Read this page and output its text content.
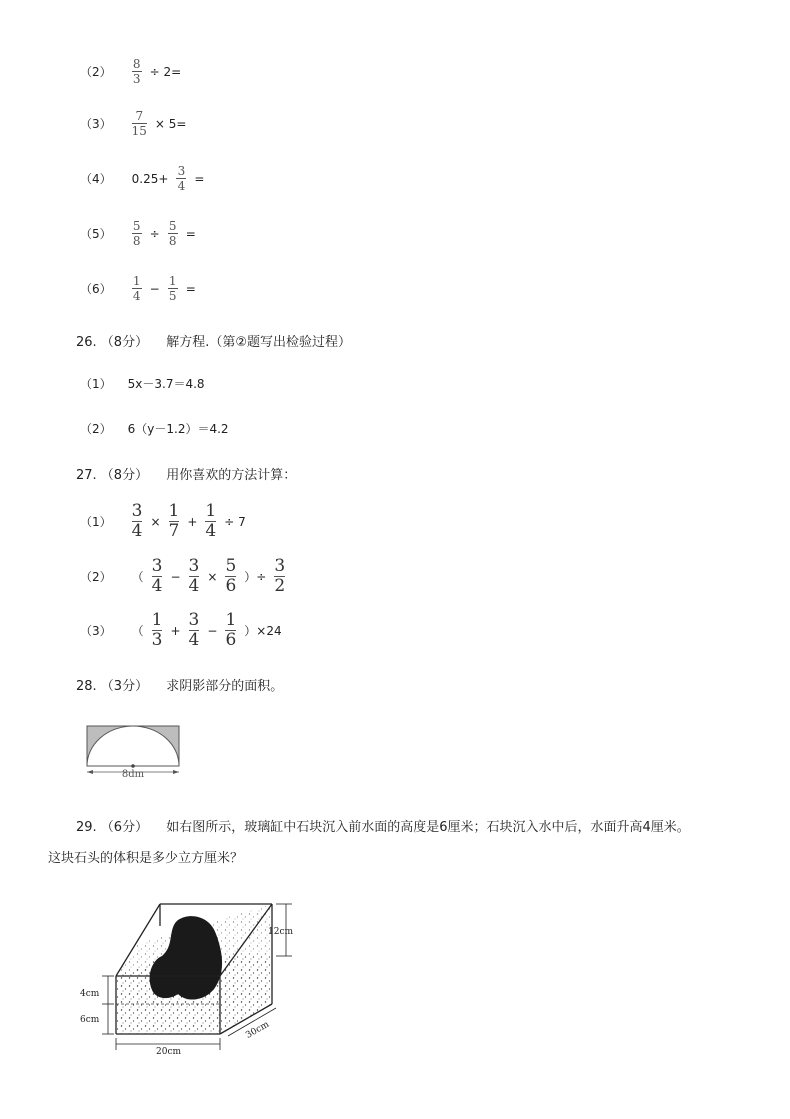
$(2) \frac{8}{3} \div 2=$
$(3) \frac{7}{15} \times 5=$
（4） $0.25+ \frac{3}{4}$ =
$(5) \frac{5}{8} \div \frac{5}{8}$ =
$(6) \frac{1}{4} - \frac{1}{5}$ =
26. （8分） 解方程.（第②题写出检验过程）
（1） 5x－3.7＝4.8
（2） 6（y－1.2）＝4.2
27. （8分） 用你喜欢的方法计算：
$(1) \frac{3}{4} \times \frac{1}{7} + \frac{1}{4} \div 7$
（2） （ $\frac{3}{4} - \frac{3}{4} \times \frac{5}{6}$ ）÷ $\frac{3}{2}$
（3） （ $\frac{1}{3} + \frac{3}{4} - \frac{1}{6} )\times 24$
28. （3分） 求阴影部分的面积。
8dm
29. （6分） 如右图所示，玻璃缸中石块沉入前水面的高度是6厘米；石块沉入水中后，水面升高4厘米。
这块石头的体积是多少立方厘米？
12cm
4cm
6cm
20cm
30cm
